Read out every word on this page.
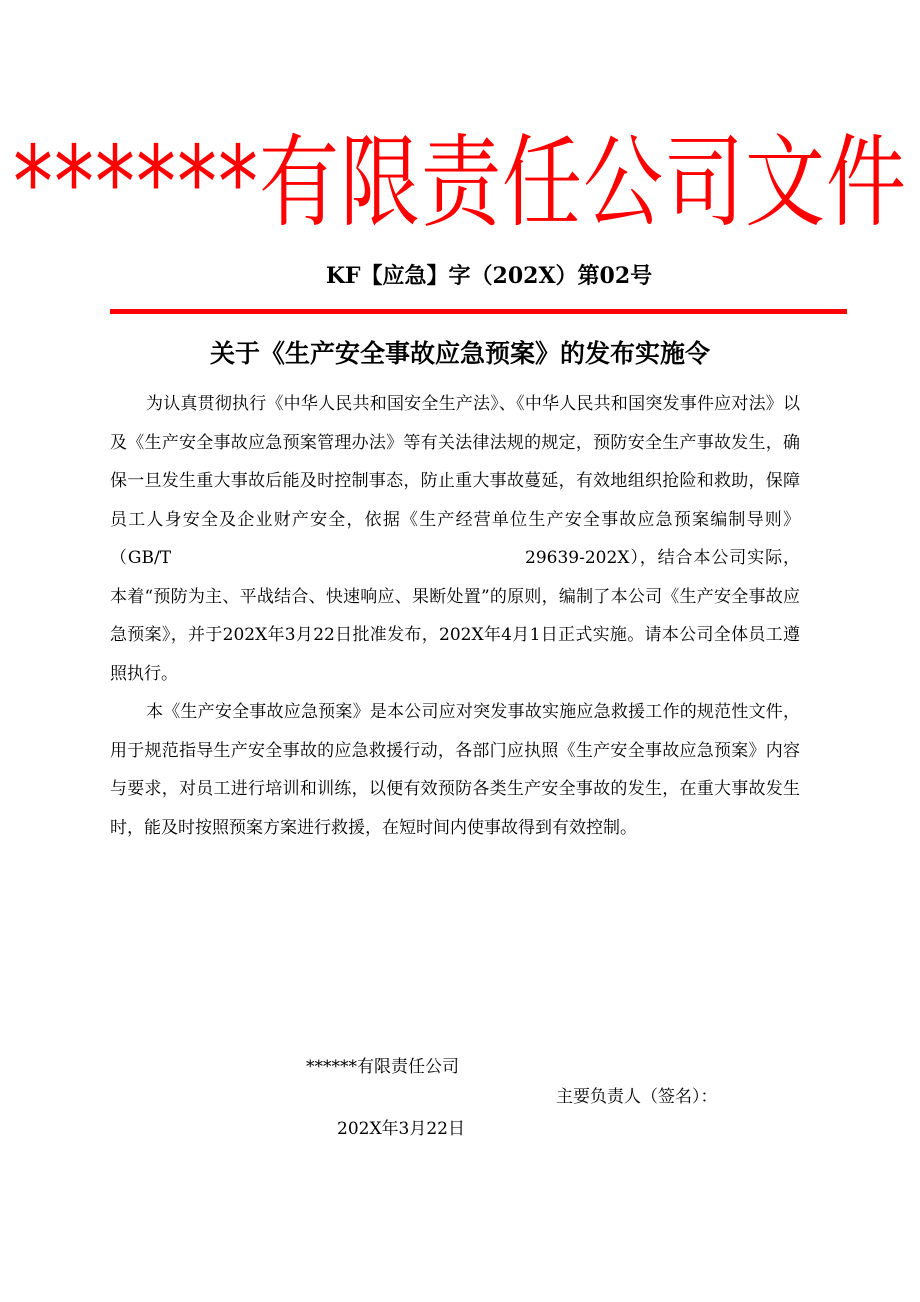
******有限责任公司文件
KF【应急】字（202X）第02号
关于《生产安全事故应急预案》的发布实施令

为认真贯彻执行《中华人民共和国安全生产法》、《中华人民共和国突发事件应对法》以及《生产安全事故应急预案管理办法》等有关法律法规的规定，预防安全生产事故发生，确保一旦发生重大事故后能及时控制事态，防止重大事故蔓延，有效地组织抢险和救助，保障员工人身安全及企业财产安全，依据《生产经营单位生产安全事故应急预案编制导则》（GB/T	29639-202X），结合本公司实际，本着“预防为主、平战结合、快速响应、果断处置”的原则，编制了本公司《生产安全事故应急预案》，并于202X年3月22日批准发布，202X年4月1日正式实施。请本公司全体员工遵照执行。

本《生产安全事故应急预案》是本公司应对突发事故实施应急救援工作的规范性文件，用于规范指导生产安全事故的应急救援行动，各部门应执照《生产安全事故应急预案》内容与要求，对员工进行培训和训练，以便有效预防各类生产安全事故的发生，在重大事故发生时，能及时按照预案方案进行救援，在短时间内使事故得到有效控制。

******有限责任公司
主要负责人（签名）：
202X年3月22日
